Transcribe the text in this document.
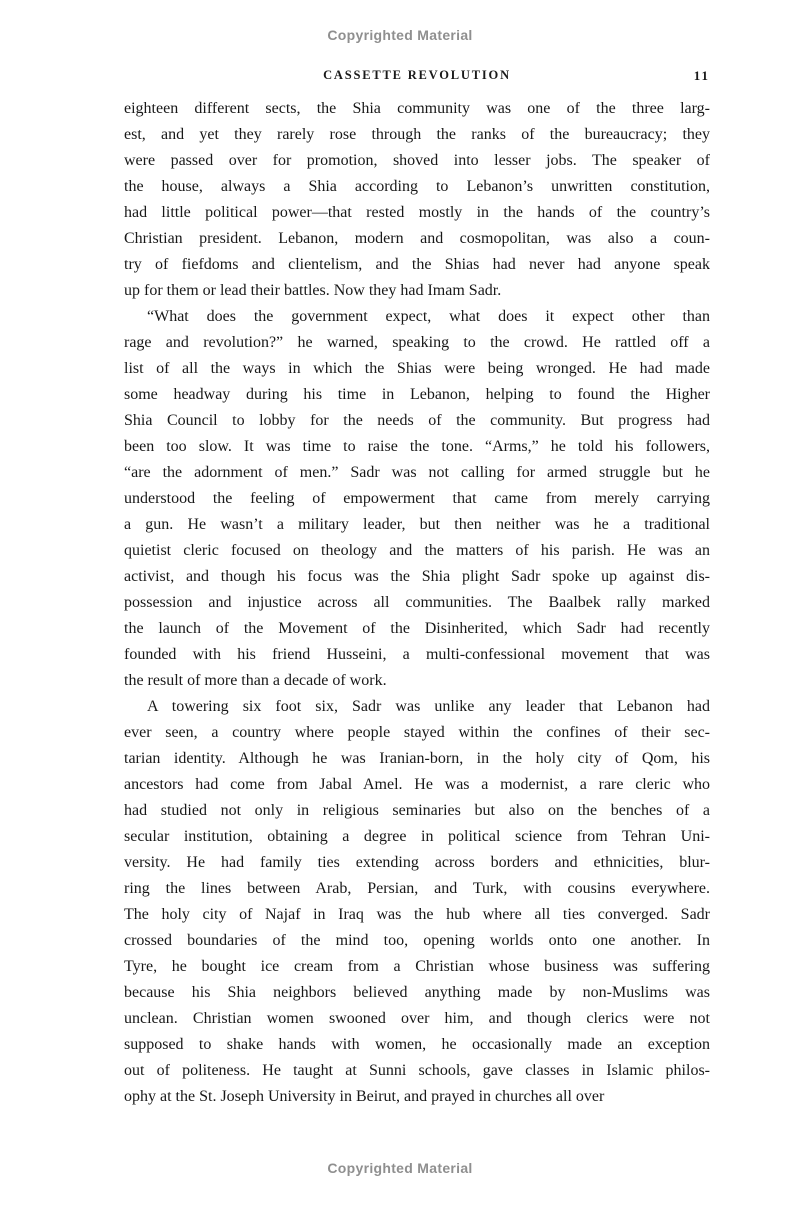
Copyrighted Material
CASSETTE REVOLUTION	11
eighteen different sects, the Shia community was one of the three larg-
est, and yet they rarely rose through the ranks of the bureaucracy; they
were passed over for promotion, shoved into lesser jobs. The speaker of
the house, always a Shia according to Lebanon’s unwritten constitution,
had little political power—that rested mostly in the hands of the country’s
Christian president. Lebanon, modern and cosmopolitan, was also a coun-
try of fiefdoms and clientelism, and the Shias had never had anyone speak
up for them or lead their battles. Now they had Imam Sadr.
“What does the government expect, what does it expect other than
rage and revolution?” he warned, speaking to the crowd. He rattled off a
list of all the ways in which the Shias were being wronged. He had made
some headway during his time in Lebanon, helping to found the Higher
Shia Council to lobby for the needs of the community. But progress had
been too slow. It was time to raise the tone. “Arms,” he told his followers,
“are the adornment of men.” Sadr was not calling for armed struggle but he
understood the feeling of empowerment that came from merely carrying
a gun. He wasn’t a military leader, but then neither was he a traditional
quietist cleric focused on theology and the matters of his parish. He was an
activist, and though his focus was the Shia plight Sadr spoke up against dis-
possession and injustice across all communities. The Baalbek rally marked
the launch of the Movement of the Disinherited, which Sadr had recently
founded with his friend Husseini, a multi-confessional movement that was
the result of more than a decade of work.
A towering six foot six, Sadr was unlike any leader that Lebanon had
ever seen, a country where people stayed within the confines of their sec-
tarian identity. Although he was Iranian-born, in the holy city of Qom, his
ancestors had come from Jabal Amel. He was a modernist, a rare cleric who
had studied not only in religious seminaries but also on the benches of a
secular institution, obtaining a degree in political science from Tehran Uni-
versity. He had family ties extending across borders and ethnicities, blur-
ring the lines between Arab, Persian, and Turk, with cousins everywhere.
The holy city of Najaf in Iraq was the hub where all ties converged. Sadr
crossed boundaries of the mind too, opening worlds onto one another. In
Tyre, he bought ice cream from a Christian whose business was suffering
because his Shia neighbors believed anything made by non-Muslims was
unclean. Christian women swooned over him, and though clerics were not
supposed to shake hands with women, he occasionally made an exception
out of politeness. He taught at Sunni schools, gave classes in Islamic philos-
ophy at the St. Joseph University in Beirut, and prayed in churches all over
Copyrighted Material
